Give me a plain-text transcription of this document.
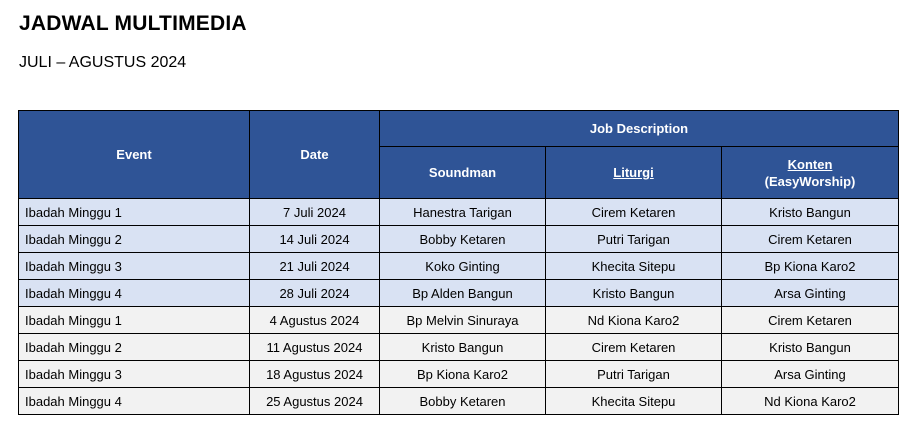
JADWAL MULTIMEDIA
JULI – AGUSTUS 2024
Event	Date	Job Description		
		Soundman	Liturgi	Konten
(EasyWorship)
Ibadah Minggu 1	7 Juli 2024	Hanestra Tarigan	Cirem Ketaren	Kristo Bangun
Ibadah Minggu 2	14 Juli 2024	Bobby Ketaren	Putri Tarigan	Cirem Ketaren
Ibadah Minggu 3	21 Juli 2024	Koko Ginting	Khecita Sitepu	Bp Kiona Karo2
Ibadah Minggu 4	28 Juli 2024	Bp Alden Bangun	Kristo Bangun	Arsa Ginting
Ibadah Minggu 1	4 Agustus 2024	Bp Melvin Sinuraya	Nd Kiona Karo2	Cirem Ketaren
Ibadah Minggu 2	11 Agustus 2024	Kristo Bangun	Cirem Ketaren	Kristo Bangun
Ibadah Minggu 3	18 Agustus 2024	Bp Kiona Karo2	Putri Tarigan	Arsa Ginting
Ibadah Minggu 4	25 Agustus 2024	Bobby Ketaren	Khecita Sitepu	Nd Kiona Karo2
